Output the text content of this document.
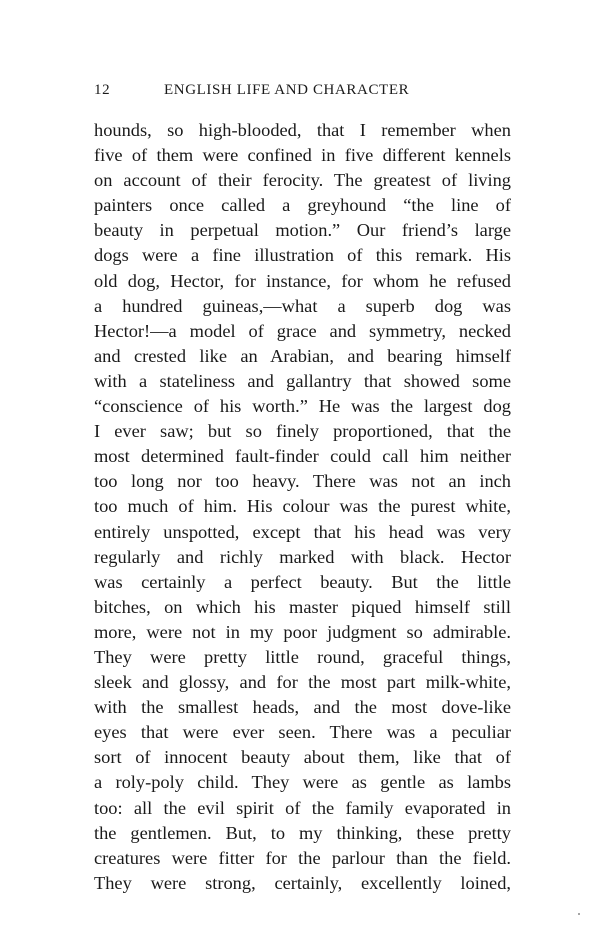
12	ENGLISH LIFE AND CHARACTER
hounds, so high-blooded, that I remember when
five of them were confined in five different kennels
on account of their ferocity. The greatest of living
painters once called a greyhound “the line of
beauty in perpetual motion.” Our friend’s large
dogs were a fine illustration of this remark. His
old dog, Hector, for instance, for whom he refused
a hundred guineas,—what a superb dog was
Hector!—a model of grace and symmetry, necked
and crested like an Arabian, and bearing himself
with a stateliness and gallantry that showed some
“conscience of his worth.” He was the largest dog
I ever saw; but so finely proportioned, that the
most determined fault-finder could call him neither
too long nor too heavy. There was not an inch
too much of him. His colour was the purest white,
entirely unspotted, except that his head was very
regularly and richly marked with black. Hector
was certainly a perfect beauty. But the little
bitches, on which his master piqued himself still
more, were not in my poor judgment so admirable.
They were pretty little round, graceful things,
sleek and glossy, and for the most part milk-white,
with the smallest heads, and the most dove-like
eyes that were ever seen. There was a peculiar
sort of innocent beauty about them, like that of
a roly-poly child. They were as gentle as lambs
too: all the evil spirit of the family evaporated in
the gentlemen. But, to my thinking, these pretty
creatures were fitter for the parlour than the field.
They were strong, certainly, excellently loined,
